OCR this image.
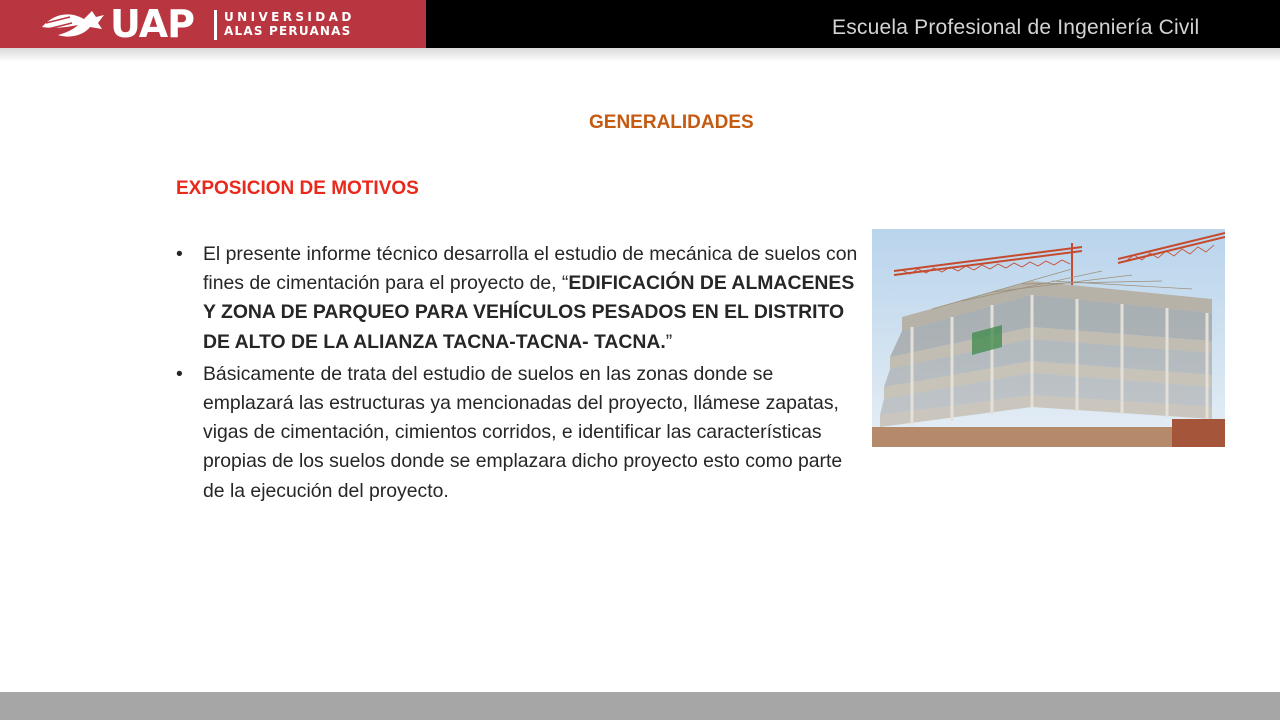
UAP	UNIVERSIDAD
ALAS PERUANAS	Escuela Profesional de Ingeniería Civil
GENERALIDADES
EXPOSICION DE MOTIVOS
• El presente informe técnico desarrolla el estudio de mecánica de suelos con fines de cimentación para el proyecto de, “EDIFICACIÓN DE ALMACENES Y ZONA DE PARQUEO PARA VEHÍCULOS PESADOS EN EL DISTRITO DE ALTO DE LA ALIANZA TACNA-TACNA- TACNA.”
• Básicamente de trata del estudio de suelos en las zonas donde se emplazará las estructuras ya mencionadas del proyecto, llámese zapatas, vigas de cimentación, cimientos corridos, e identificar las características propias de los suelos donde se emplazara dicho proyecto esto como parte de la ejecución del proyecto.
